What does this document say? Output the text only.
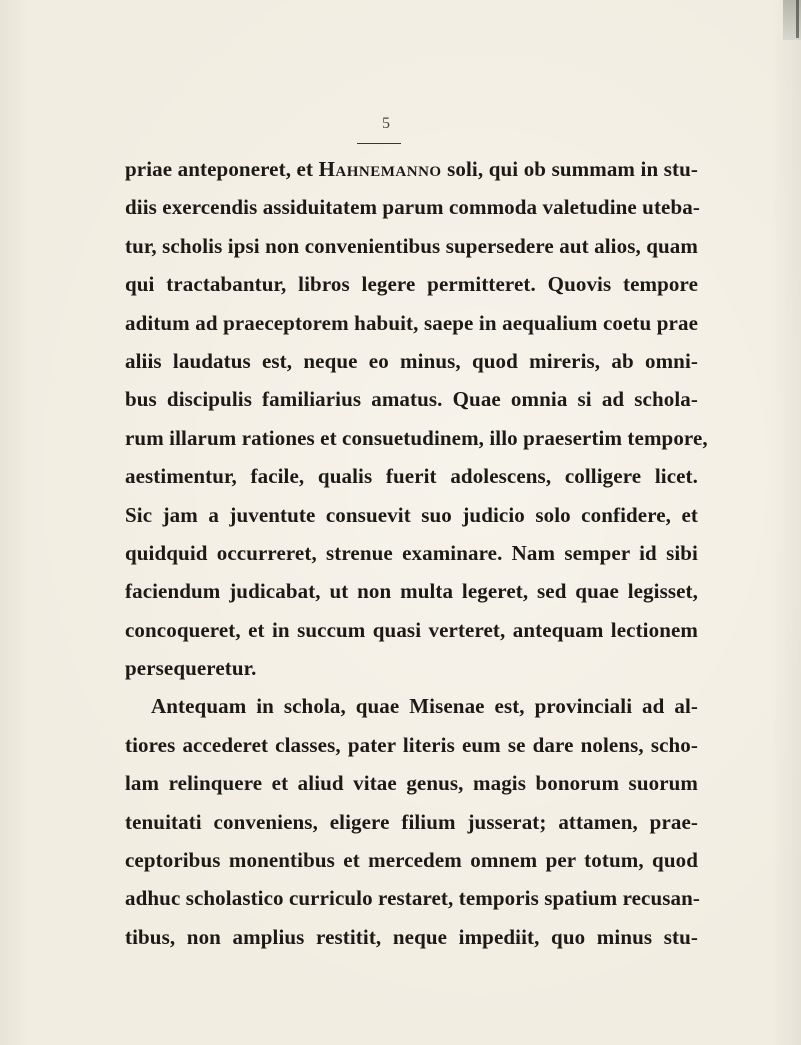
5
priae anteponeret, et Hahnemanno soli, qui ob summam in stu-
diis exercendis assiduitatem parum commoda valetudine uteba-
tur, scholis ipsi non convenientibus supersedere aut alios, quam
qui tractabantur, libros legere permitteret. Quovis tempore
aditum ad praeceptorem habuit, saepe in aequalium coetu prae
aliis laudatus est, neque eo minus, quod mireris, ab omni-
bus discipulis familiarius amatus. Quae omnia si ad schola-
rum illarum rationes et consuetudinem, illo praesertim tempore,
aestimentur, facile, qualis fuerit adolescens, colligere licet.
Sic jam a juventute consuevit suo judicio solo confidere, et
quidquid occurreret, strenue examinare. Nam semper id sibi
faciendum judicabat, ut non multa legeret, sed quae legisset,
concoqueret, et in succum quasi verteret, antequam lectionem
persequeretur.
Antequam in schola, quae Misenae est, provinciali ad al-
tiores accederet classes, pater literis eum se dare nolens, scho-
lam relinquere et aliud vitae genus, magis bonorum suorum
tenuitati conveniens, eligere filium jusserat; attamen, prae-
ceptoribus monentibus et mercedem omnem per totum, quod
adhuc scholastico curriculo restaret, temporis spatium recusan-
tibus, non amplius restitit, neque impediit, quo minus stu-
